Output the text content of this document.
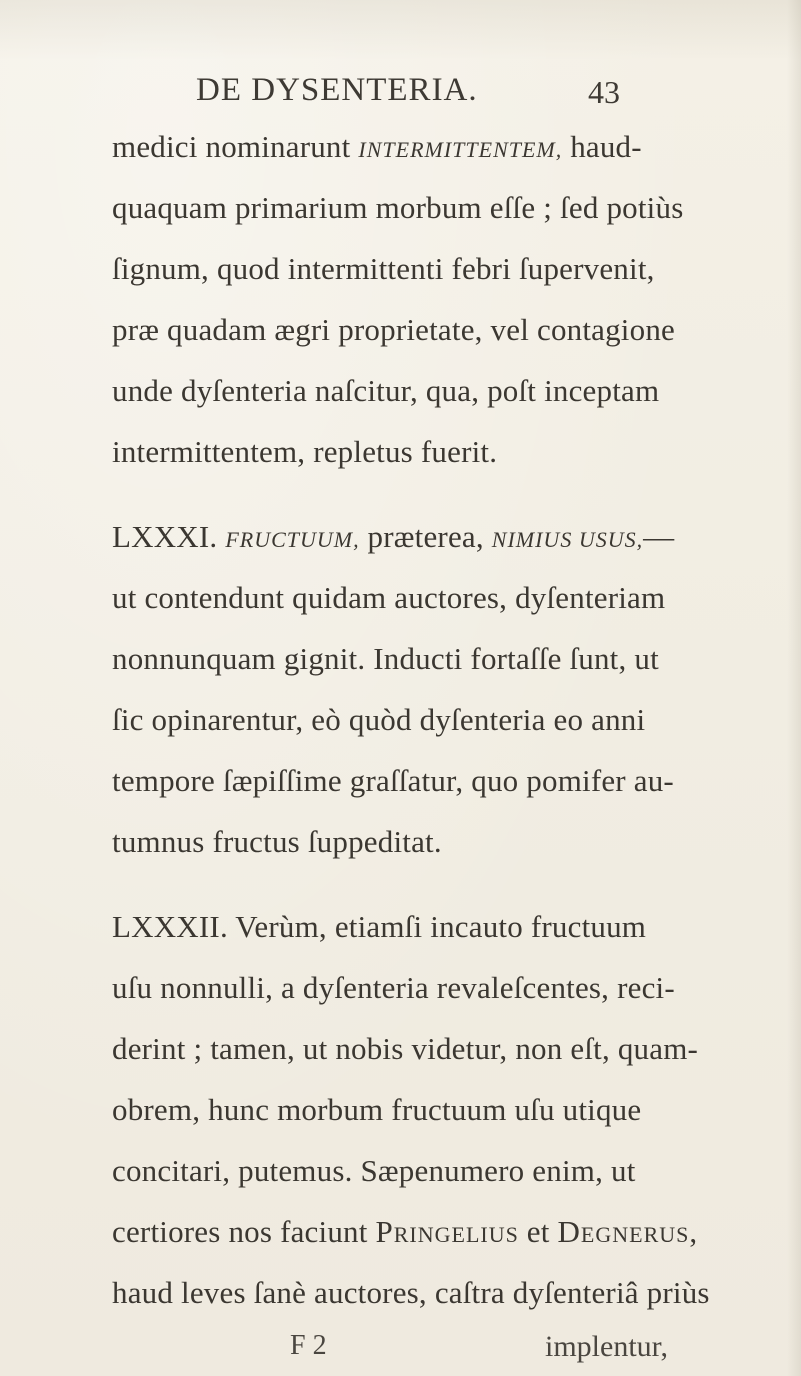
DE DYSENTERIA.	43
medici nominarunt INTERMITTENTEM, haud-
quaquam primarium morbum eſſe ; ſed potiùs
ſignum, quod intermittenti febri ſupervenit,
præ quadam ægri proprietate, vel contagione
unde dyſenteria naſcitur, qua, poſt inceptam
intermittentem, repletus fuerit.
LXXXI. FRUCTUUM, præterea, NIMIUS USUS,—
ut contendunt quidam auctores, dyſenteriam
nonnunquam gignit. Inducti fortaſſe ſunt, ut
ſic opinarentur, eò quòd dyſenteria eo anni
tempore ſæpiſſime graſſatur, quo pomifer au-
tumnus fructus ſuppeditat.
LXXXII. Verùm, etiamſi incauto fructuum
uſu nonnulli, a dyſenteria revaleſcentes, reci-
derint ; tamen, ut nobis videtur, non eſt, quam-
obrem, hunc morbum fructuum uſu utique
concitari, putemus. Sæpenumero enim, ut
certiores nos faciunt Pringelius et Degnerus,
haud leves ſanè auctores, caſtra dyſenteriâ priùs
F 2	implentur,
